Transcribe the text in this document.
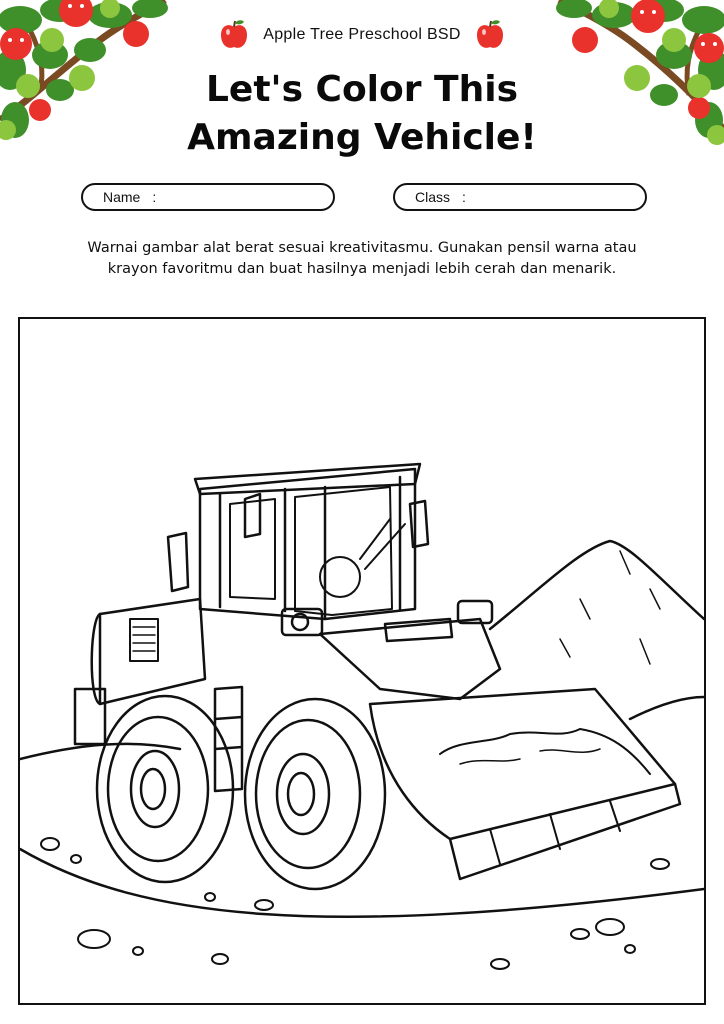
Apple Tree Preschool BSD
Let's Color This
Amazing Vehicle!
Name :	Class :
Warnai gambar alat berat sesuai kreativitasmu. Gunakan pensil warna atau
krayon favoritmu dan buat hasilnya menjadi lebih cerah dan menarik.
